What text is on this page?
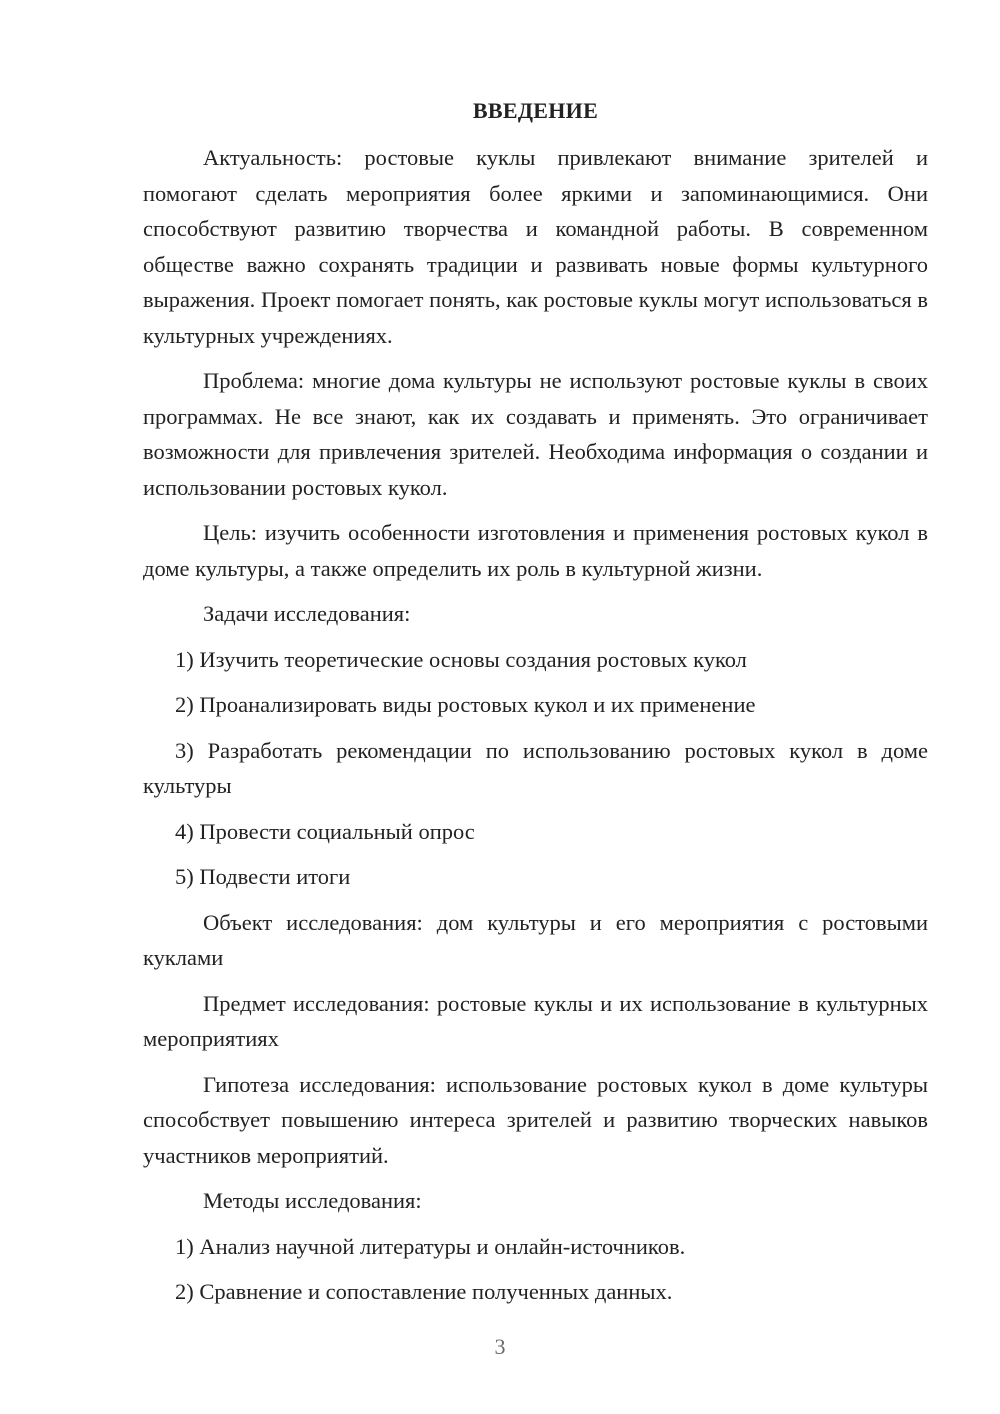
ВВЕДЕНИЕ

Актуальность: ростовые куклы привлекают внимание зрителей и помогают сделать мероприятия более яркими и запоминающимися. Они способствуют развитию творчества и командной работы. В современном обществе важно сохранять традиции и развивать новые формы культурного выражения. Проект помогает понять, как ростовые куклы могут использоваться в культурных учреждениях.

Проблема: многие дома культуры не используют ростовые куклы в своих программах. Не все знают, как их создавать и применять. Это ограничивает возможности для привлечения зрителей. Необходима информация о создании и использовании ростовых кукол.

Цель: изучить особенности изготовления и применения ростовых кукол в доме культуры, а также определить их роль в культурной жизни.

Задачи исследования:

1) Изучить теоретические основы создания ростовых кукол

2) Проанализировать виды ростовых кукол и их применение

3) Разработать рекомендации по использованию ростовых кукол в доме культуры

4) Провести социальный опрос

5) Подвести итоги

Объект исследования: дом культуры и его мероприятия с ростовыми куклами

Предмет исследования: ростовые куклы и их использование в культурных мероприятиях

Гипотеза исследования: использование ростовых кукол в доме культуры способствует повышению интереса зрителей и развитию творческих навыков участников мероприятий.

Методы исследования:

1) Анализ научной литературы и онлайн-источников.

2) Сравнение и сопоставление полученных данных.

3
